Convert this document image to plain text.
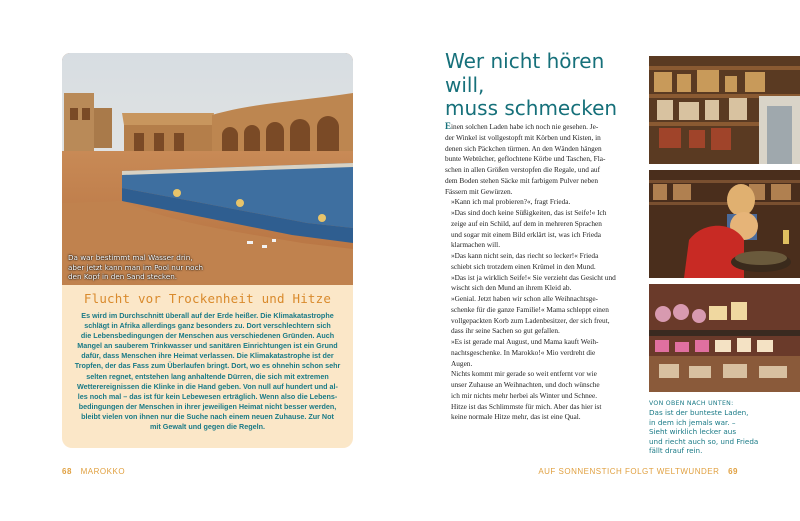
Da war bestimmt mal Wasser drin,
aber jetzt kann man im Pool nur noch
den Kopf in den Sand stecken.
Flucht vor Trockenheit und Hitze
Es wird im Durchschnitt überall auf der Erde heißer. Die Klimakatastrophe
schlägt in Afrika allerdings ganz besonders zu. Dort verschlechtern sich
die Lebensbedingungen der Menschen aus verschiedenen Gründen. Auch
Mangel an sauberem Trinkwasser und sanitären Einrichtungen ist ein Grund
dafür, dass Menschen ihre Heimat verlassen. Die Klimakatastrophe ist der
Tropfen, der das Fass zum Überlaufen bringt. Dort, wo es ohnehin schon sehr
selten regnet, entstehen lang anhaltende Dürren, die sich mit extremen
Wetterereignissen die Klinke in die Hand geben. Von null auf hundert und al-
les noch mal – das ist für kein Lebewesen erträglich. Wenn also die Lebens-
bedingungen der Menschen in ihrer jeweiligen Heimat nicht besser werden,
bleibt vielen von ihnen nur die Suche nach einem neuen Zuhause. Zur Not
mit Gewalt und gegen die Regeln.
68 MAROKKO
Wer nicht hören will,
muss schmecken

Einen solchen Laden habe ich noch nie gesehen. Je-
der Winkel ist vollgestopft mit Körben und Kisten, in
denen sich Päckchen türmen. An den Wänden hängen
bunte Webtücher, geflochtene Körbe und Taschen, Fla-
schen in allen Größen verstopfen die Regale, und auf
dem Boden stehen Säcke mit farbigem Pulver neben
Fässern mit Gewürzen.

»Kann ich mal probieren?«, fragt Frieda.

»Das sind doch keine Süßigkeiten, das ist Seife!« Ich
zeige auf ein Schild, auf dem in mehreren Sprachen
und sogar mit einem Bild erklärt ist, was ich Frieda
klarmachen will.

»Das kann nicht sein, das riecht so lecker!« Frieda
schiebt sich trotzdem einen Krümel in den Mund.
»Das ist ja wirklich Seife!« Sie verzieht das Gesicht und
wischt sich den Mund an ihrem Kleid ab.

»Genial. Jetzt haben wir schon alle Weihnachtsge-
schenke für die ganze Familie!« Mama schleppt einen
vollgepackten Korb zum Ladenbesitzer, der sich freut,
dass ihr seine Sachen so gut gefallen.

»Es ist gerade mal August, und Mama kauft Weih-
nachtsgeschenke. In Marokko!« Mio verdreht die
Augen.

Nichts kommt mir gerade so weit entfernt vor wie
unser Zuhause an Weihnachten, und doch wünsche
ich mir nichts mehr herbei als Winter und Schnee.
Hitze ist das Schlimmste für mich. Aber das hier ist
keine normale Hitze mehr, das ist eine Qual.

VON OBEN NACH UNTEN:
Das ist der bunteste Laden,
in dem ich jemals war. –
Sieht wirklich lecker aus
und riecht auch so, und Frieda
fällt drauf rein.
AUF SONNENSTICH FOLGT WELTWUNDER 69
